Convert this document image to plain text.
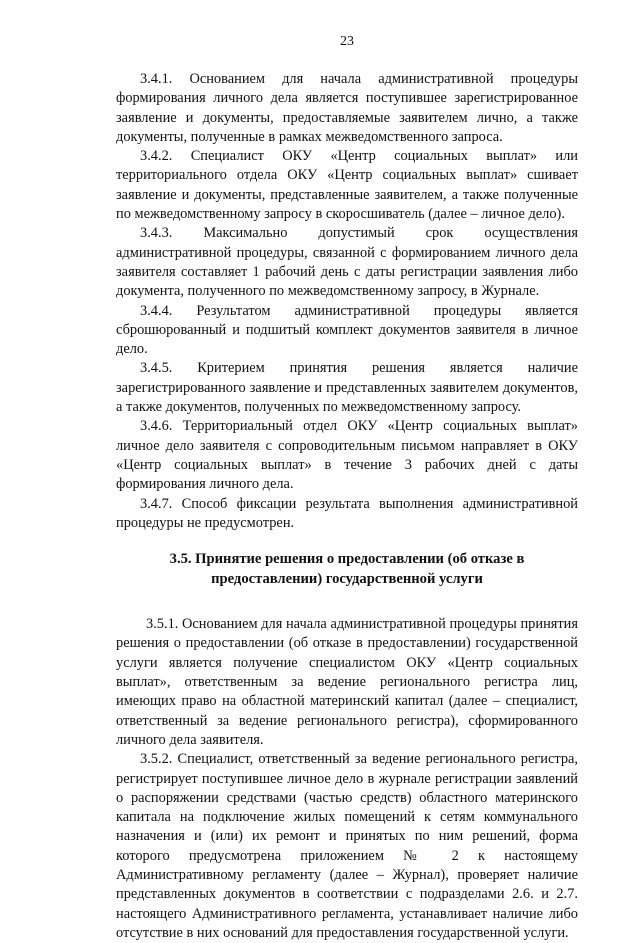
23

3.4.1. Основанием для начала административной процедуры формирования личного дела является поступившее зарегистрированное заявление и документы, предоставляемые заявителем лично, а также документы, полученные в рамках межведомственного запроса.

3.4.2. Специалист ОКУ «Центр социальных выплат» или территориального отдела ОКУ «Центр социальных выплат» сшивает заявление и документы, представленные заявителем, а также полученные по межведомственному запросу в скоросшиватель (далее – личное дело).

3.4.3. Максимально допустимый срок осуществления административной процедуры, связанной с формированием личного дела заявителя составляет 1 рабочий день с даты регистрации заявления либо документа, полученного по межведомственному запросу, в Журнале.

3.4.4. Результатом административной процедуры является сброшюрованный и подшитый комплект документов заявителя в личное дело.

3.4.5. Критерием принятия решения является наличие зарегистрированного заявление и представленных заявителем документов, а также документов, полученных по межведомственному запросу.

3.4.6. Территориальный отдел ОКУ «Центр социальных выплат» личное дело заявителя с сопроводительным письмом направляет в ОКУ «Центр социальных выплат» в течение 3 рабочих дней с даты формирования личного дела.

3.4.7. Способ фиксации результата выполнения административной процедуры не предусмотрен.

3.5. Принятие решения о предоставлении (об отказе в
предоставлении) государственной услуги

3.5.1. Основанием для начала административной процедуры принятия решения о предоставлении (об отказе в предоставлении) государственной услуги является получение специалистом ОКУ «Центр социальных выплат», ответственным за ведение регионального регистра лиц, имеющих право на областной материнский капитал (далее – специалист, ответственный за ведение регионального регистра), сформированного личного дела заявителя.

3.5.2. Специалист, ответственный за ведение регионального регистра, регистрирует поступившее личное дело в журнале регистрации заявлений о распоряжении средствами (частью средств) областного материнского капитала на подключение жилых помещений к сетям коммунального назначения и (или) их ремонт и принятых по ним решений, форма которого предусмотрена приложением № 2 к настоящему Административному регламенту (далее – Журнал), проверяет наличие представленных документов в соответствии с подразделами 2.6. и 2.7. настоящего Административного регламента, устанавливает наличие либо отсутствие в них оснований для предоставления государственной услуги.
